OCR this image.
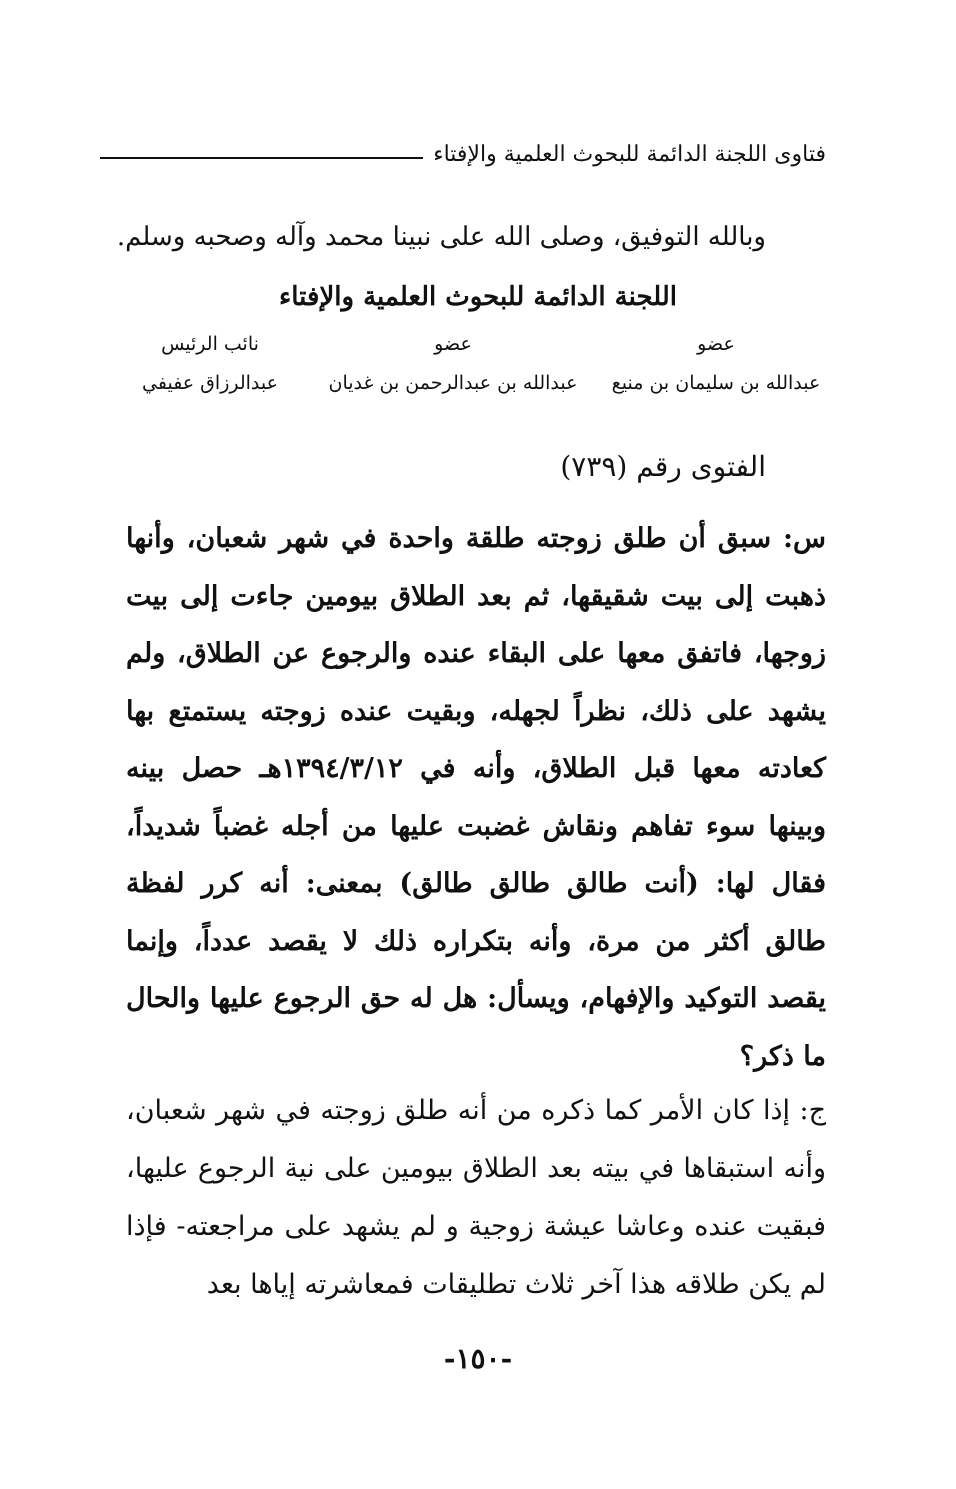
فتاوى اللجنة الدائمة للبحوث العلمية والإفتاء
وبالله التوفيق، وصلى الله على نبينا محمد وآله وصحبه وسلم.
اللجنة الدائمة للبحوث العلمية والإفتاء
عضو
عضو
نائب الرئيس
عبدالله بن سليمان بن منيع
عبدالله بن عبدالرحمن بن غديان
عبدالرزاق عفيفي
الفتوى رقم (٧٣٩)
س: سبق أن طلق زوجته طلقة واحدة في شهر شعبان، وأنها ذهبت إلى بيت شقيقها، ثم بعد الطلاق بيومين جاءت إلى بيت زوجها، فاتفق معها على البقاء عنده والرجوع عن الطلاق، ولم يشهد على ذلك، نظراً لجهله، وبقيت عنده زوجته يستمتع بها كعادته معها قبل الطلاق، وأنه في ١٣٩٤/٣/١٢هـ حصل بينه وبينها سوء تفاهم ونقاش غضبت عليها من أجله غضباً شديداً، فقال لها: (أنت طالق طالق طالق) بمعنى: أنه كرر لفظة طالق أكثر من مرة، وأنه بتكراره ذلك لا يقصد عدداً، وإنما يقصد التوكيد والإفهام، ويسأل: هل له حق الرجوع عليها والحال ما ذكر؟
ج: إذا كان الأمر كما ذكره من أنه طلق زوجته في شهر شعبان، وأنه استبقاها في بيته بعد الطلاق بيومين على نية الرجوع عليها، فبقيت عنده وعاشا عيشة زوجية و لم يشهد على مراجعته- فإذا لم يكن طلاقه هذا آخر ثلاث تطليقات فمعاشرته إياها بعد
-١٥٠-
